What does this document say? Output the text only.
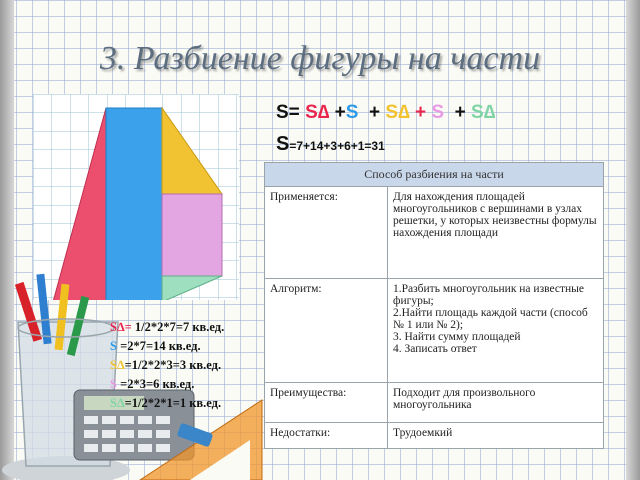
3. Разбиение фигуры на части
S= S∆ +S + S∆ + S + S∆
S=7+14+3+6+1=31
Способ разбиения на части	
Применяется:	Для нахождения площадей многоугольников с вершинами в узлах решетки, у которых неизвестны формулы нахождения площади
Алгоритм:	1.Разбить многоугольник на известные фигуры;
2.Найти площадь каждой части (способ № 1 или № 2);
3. Найти сумму площадей
4. Записать ответ

Преимущества:	Подходит для произвольного многоугольника
Недостатки:	Трудоемкий
S∆= 1/2*2*7=7 кв.ед.
S =2*7=14 кв.ед.
S∆=1/2*2*3=3 кв.ед.
S =2*3=6 кв.ед.
S∆=1/2*2*1=1 кв.ед.
